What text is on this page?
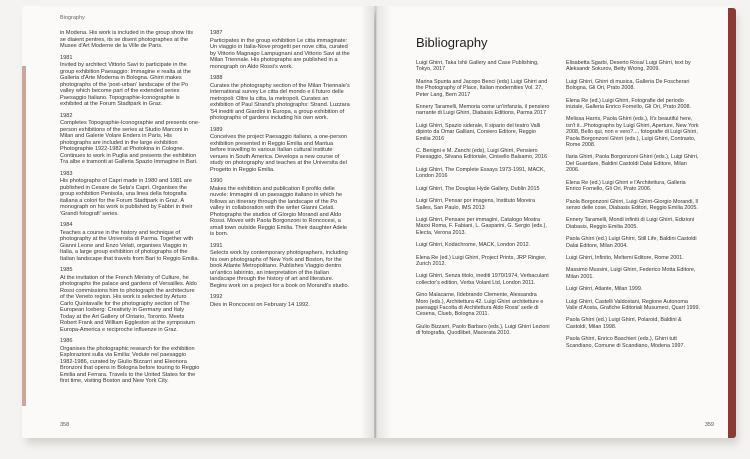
Biography

in Modena. His work is included in the group show Itis se diaient pentres, its se disent photographes at the Musee d'Art Moderne de la Ville de Paris.

1981
Invited by architect Vittorio Savi to participate in the group exhibition Paesaggio: Immagine e realta at the Galleria d'Arte Moderna in Bologna. Ghirri makes photographs of the 'post-urban' landscape of the Po valley which become part of the extended series Paesaggio Italiano. Topographie-Iconographie is exhibited at the Forum Stadtpark in Graz.

1982
Completes Topographie-Iconographie and presents one-person exhibitions of the series at Studio Marconi in Milan and Galerie Volare Enders in Paris. His photographs are included in the large exhibition Photographie 1922-1982 at Photokina in Cologne. Continues to work in Puglia and presents the exhibition Tra albe e tramonti at Galleria Spazio Immagine in Bari.

1983
His photographs of Capri made in 1980 and 1981 are published in Cesare de Seta's Capri. Organises the group exhibition Penisola, una linea della fotografia italiana a colori for the Forum Stadtpark in Graz. A monograph on his work is published by Fabbri in their 'Grandi fotografi' series.

1984
Teaches a course in the history and technique of photography at the Universita di Parma. Together with Gianni Leone and Enzo Velati, organises Viaggio in Italia, a large group exhibition of photographs of the Italian landscape that travels from Bari to Reggio Emilia.

1985
At the invitation of the French Ministry of Culture, he photographs the palace and gardens of Versailles. Aldo Rossi commissions him to photograph the architecture of the Veneto region. His work is selected by Arturo Carlo Quintavalle for the photography section of The European Iceberg: Creativity in Germany and Italy Today at the Art Gallery of Ontario, Toronto. Meets Robert Frank and William Eggleston at the symposium Europa-America e reciproche influenze in Graz.

1986
Organises the photographic research for the exhibition Esplorazioni sulla via Emilia: Vedute nel paesaggio 1982-1986, curated by Giulio Bizzarri and Eleonora Bronzoni that opens in Bologna before touring to Reggio Emilia and Ferrara. Travels to the United States for the first time, visiting Boston and New York City.

1987
Participates in the group exhibition Le citta immaginate: Un viaggio in Italia-Nove progetti per nove citta, curated by Vittorio Magnago Lampugnani and Vittorio Savi at the Milan Triennale. His photographs are published in a monograph on Aldo Rossi's work.

1988
Curates the photography section of the Milan Triennale's international survey Le citta del mondo e il futuro delle metropoli: Oltre la citta, la metropoli. Curates an exhibition of Paul Strand's photographs: Strand. Luzzara '54 inediti and Giardini in Europa, a group exhibition of photographs of gardens including his own work.

1989
Conceives the project Paesaggio italiano, a one-person exhibition presented in Reggio Emilia and Mantua before travelling to various Italian cultural institute venues in South America. Develops a new course of study on photography and teaches at the Universita del Progetto in Reggio Emilia.

1990
Makes the exhibition and publication Il profilo delle nuvole: Immagini di un paesaggio italiano in which he follows an itinerary through the landscape of the Po valley in collaboration with the writer Gianni Celati. Photographs the studios of Giorgio Morandi and Aldo Rossi. Moves with Paola Borgonzoni to Roncocesi, a small town outside Reggio Emilia. Their daughter Adele is born.

1991
Selects work by contemporary photographers, including his own photographs of New York and Boston, for the book Atlante Metropolitano. Publishes Viaggio dentro un'antico labirinto, an interpretation of the Italian landscape through the history of art and literature. Begins work on a project for a book on Morandi's studio.

1992
Dies in Roncocesi on February 14 1992.

358
Bibliography

Luigi Ghirri, Taka Ishii Gallery and Case Publishing, Tokyo, 2017

Marina Spunta and Jacopo Benci (eds) Luigi Ghirri and the Photography of Place, Italian modernities Vol. 27, Peter Lang, Bern 2017

Ennery Taramelli, Memoria come un'infanzia, il pensiero narrante di Luigi Ghirri, Diabasis Editions, Parma 2017

Luigi Ghirri, Spazio siderale, Il sipario del teatro Valli dipinto da Omar Galliani, Corsiero Editore, Reggio Emilia 2016

C. Benigni e M. Zanchi (eds), Luigi Ghirri, Pensiero Paesaggio, Silvana Editoriale, Cinisello Balsamo, 2016

Luigi Ghirri, The Complete Essays 1973-1991, MACK, London 2016

Luigi Ghirri, The Douglas Hyde Gallery, Dublin 2015

Luigi Ghirri, Pensar por imagens, Instituto Moreira Salles, San Paulo, IMS 2013

Luigi Ghirri, Pensare per immagini, Catalogo Mostra Maxxi Roma, F. Fabiani, L. Gasparini, G. Sergio (eds.), Electa, Verona 2013.

Luigi Ghirri, Kodachrome, MACK, London 2012.

Elena Re (ed.) Luigi Ghirri, Project Prints, JRP Ringier, Zurich 2012.

Luigi Ghirri, Senza titolo, inediti 1970/1974, Verbaculant collector's edition, Verba Volant Ltd, London 2011.

Gino Malacarne, Ildebrando Clemente, Alessandra Moro (eds.), Architettura 42. Luigi Ghirri architetture e paesaggi Facolta di Architettura Aldo Rossi' sede di Cesena, Clueb, Bologna 2011.

Giulio Bizzarri, Paolo Barbaro (eds.), Luigi Ghirri Lezioni di fotografia, Quodlibet, Macerata 2010.

Elisabetta Sgarbi, Deserto Rosa/ Luigi Ghirri, text by Aleksandr Sokurov, Betty Wrong, 2009.

Luigi Ghirri, Ghirri di musica, Galleria De Foscherari Bologna, Gli Ori, Prato 2008.

Elena Re (ed.) Luigi Ghirri, Fotografie del periodo iniziale, Galleria Enrico Fornello, Gli Ori, Prato 2008.

Melissa Harris, Paola Ghirri (eds.), It's beautiful here, isn't it...Photographs by Luigi Ghirri, Aperture, New York 2008, Bello qui, non e vero?..., fotografie di Luigi Ghirri, Paola Borgonzoni Ghirri (eds.), Luigi Ghirri, Contrasto, Rome 2008.

Ilaria Ghirri, Paola Borgonzoni Ghirri (eds.), Luigi Ghirri, Del Guardare, Baldini Castoldi Dalai Editore, Milan 2006.

Elena Re (ed.) Luigi Ghirri e l'Architettura, Galleria Enrico Fornello, Gli Ori, Prato 2006.

Paola Borgonzoni Ghirri, Luigi Ghirri-Giorgio Morandi, Il senso delle cose, Diabasis Editori, Reggio Emilia 2005.

Ennery Taramelli, Mondi infiniti di Luigi Ghirri, Edizioni Diabasis, Reggio Emilia 2005.

Paola Ghirri (ed.) Luigi Ghirri, Still Life, Baldini Castoldi Dalai Editore, Milan 2004.

Luigi Ghirri, Infinito, Meltemi Editore, Rome 2001.

Massimo Mussini, Luigi Ghirri, Federico Motta Editore, Milan 2001.

Luigi Ghirri, Atlante, Milan 1999.

Luigi Ghirri, Castelli Valdostani, Regione Autonoma Valle d'Aosta, Grafiche Editoriali Musumeci, Quart 1999.

Paola Ghirri (ed.) Luigi Ghirri, Polaroid, Baldini & Castoldi, Milan 1998.

Paola Ghirri, Enrico Baschieri (eds.), Ghirri tutt Scandiano, Comune di Scandiano, Modena 1997.

359
